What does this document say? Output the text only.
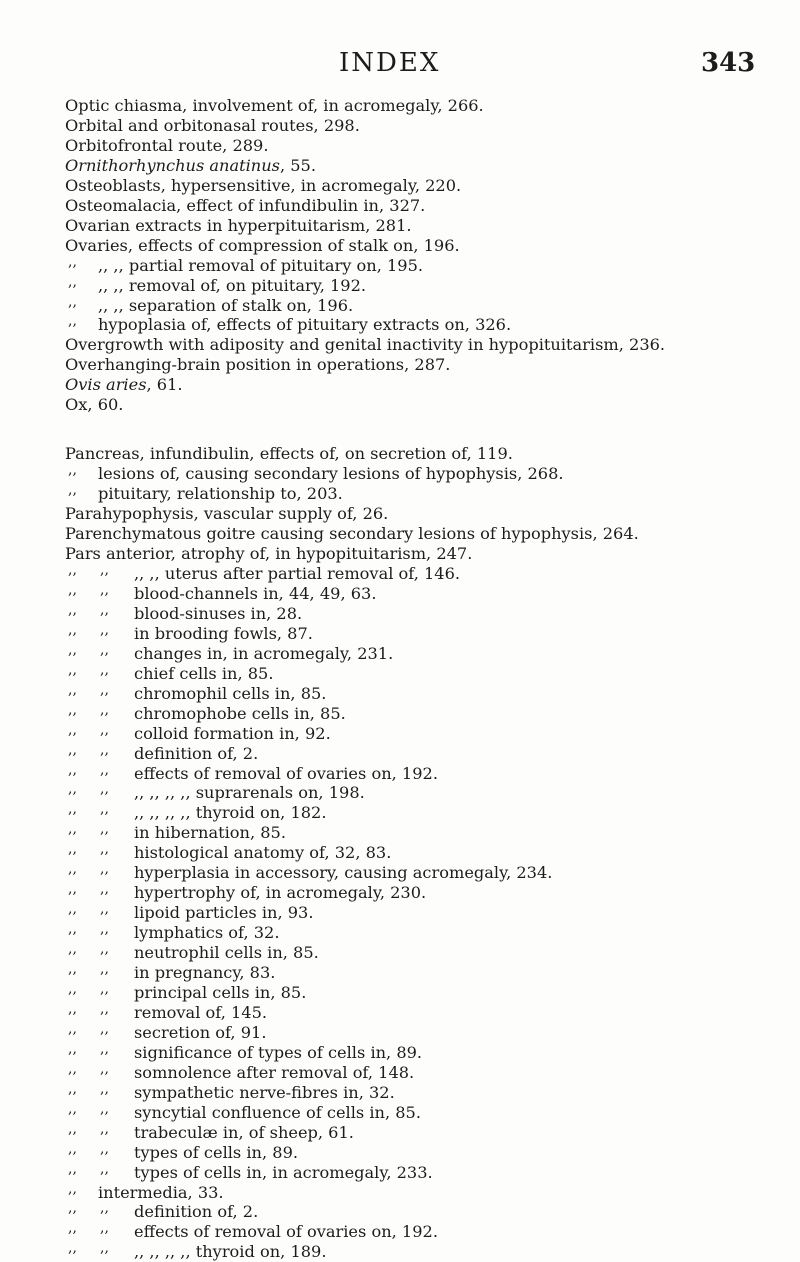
INDEX	343
Optic chiasma, involvement of, in acromegaly, 266.
Orbital and orbitonasal routes, 298.
Orbitofrontal route, 289.
Ornithorhynchus anatinus, 55.
Osteoblasts, hypersensitive, in acromegaly, 220.
Osteomalacia, effect of infundibulin in, 327.
Ovarian extracts in hyperpituitarism, 281.
Ovaries, effects of compression of stalk on, 196.
,, ,, ,, partial removal of pituitary on, 195.
,, ,, ,, removal of, on pituitary, 192.
,, ,, ,, separation of stalk on, 196.
,, hypoplasia of, effects of pituitary extracts on, 326.
Overgrowth with adiposity and genital inactivity in hypopituitarism, 236.
Overhanging-brain position in operations, 287.
Ovis aries, 61.
Ox, 60.
Pancreas, infundibulin, effects of, on secretion of, 119.
,, lesions of, causing secondary lesions of hypophysis, 268.
,, pituitary, relationship to, 203.
Parahypophysis, vascular supply of, 26.
Parenchymatous goitre causing secondary lesions of hypophysis, 264.
Pars anterior, atrophy of, in hypopituitarism, 247.
,, ,, ,, ,, uterus after partial removal of, 146.
,, ,, blood-channels in, 44, 49, 63.
,, ,, blood-sinuses in, 28.
,, ,, in brooding fowls, 87.
,, ,, changes in, in acromegaly, 231.
,, ,, chief cells in, 85.
,, ,, chromophil cells in, 85.
,, ,, chromophobe cells in, 85.
,, ,, colloid formation in, 92.
,, ,, definition of, 2.
,, ,, effects of removal of ovaries on, 192.
,, ,, ,, ,, ,, ,, suprarenals on, 198.
,, ,, ,, ,, ,, ,, thyroid on, 182.
,, ,, in hibernation, 85.
,, ,, histological anatomy of, 32, 83.
,, ,, hyperplasia in accessory, causing acromegaly, 234.
,, ,, hypertrophy of, in acromegaly, 230.
,, ,, lipoid particles in, 93.
,, ,, lymphatics of, 32.
,, ,, neutrophil cells in, 85.
,, ,, in pregnancy, 83.
,, ,, principal cells in, 85.
,, ,, removal of, 145.
,, ,, secretion of, 91.
,, ,, significance of types of cells in, 89.
,, ,, somnolence after removal of, 148.
,, ,, sympathetic nerve-fibres in, 32.
,, ,, syncytial confluence of cells in, 85.
,, ,, trabeculæ in, of sheep, 61.
,, ,, types of cells in, 89.
,, ,, types of cells in, in acromegaly, 233.
,, intermedia, 33.
,, ,, definition of, 2.
,, ,, effects of removal of ovaries on, 192.
,, ,, ,, ,, ,, ,, thyroid on, 189.
